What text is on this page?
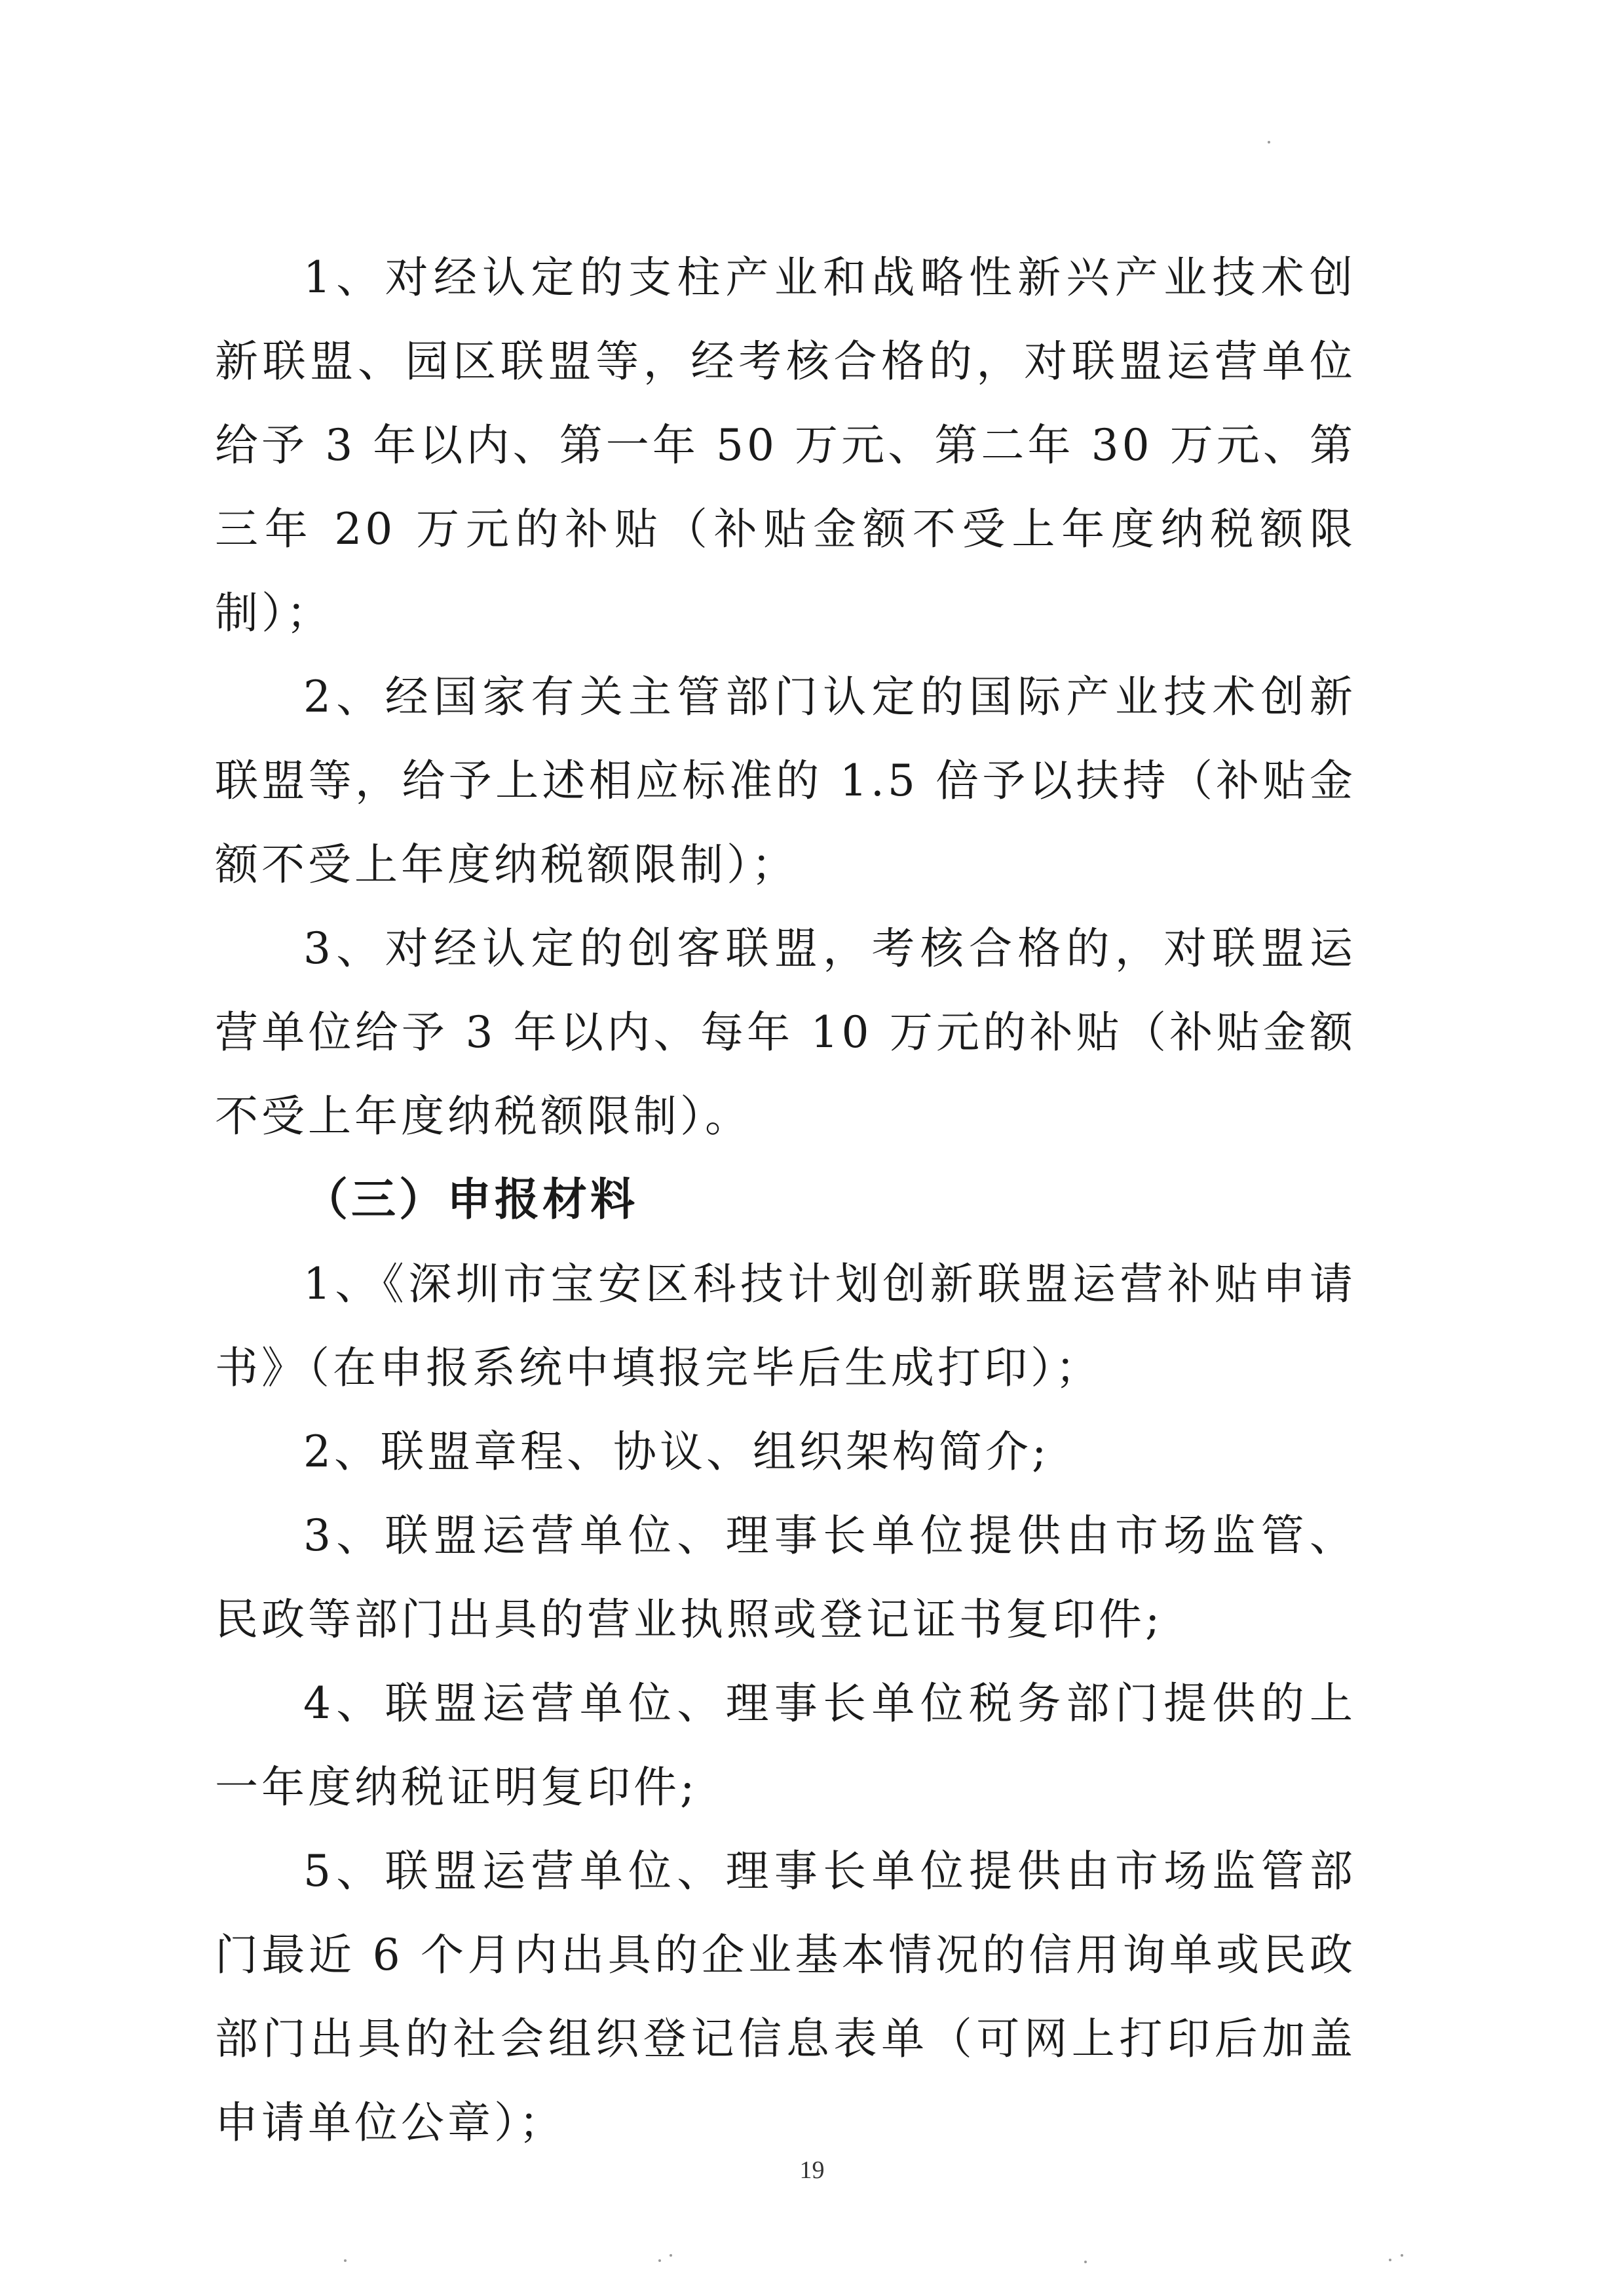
1、对经认定的支柱产业和战略性新兴产业技术创新联盟、园区联盟等，经考核合格的，对联盟运营单位给予 3 年以内、第一年 50 万元、第二年 30 万元、第三年 20 万元的补贴（补贴金额不受上年度纳税额限制）；

2、经国家有关主管部门认定的国际产业技术创新联盟等，给予上述相应标准的 1.5 倍予以扶持（补贴金额不受上年度纳税额限制）；

3、对经认定的创客联盟，考核合格的，对联盟运营单位给予 3 年以内、每年 10 万元的补贴（补贴金额不受上年度纳税额限制）。

（三）申报材料

1、《深圳市宝安区科技计划创新联盟运营补贴申请书》（在申报系统中填报完毕后生成打印）；

2、联盟章程、协议、组织架构简介;

3、联盟运营单位、理事长单位提供由市场监管、民政等部门出具的营业执照或登记证书复印件;

4、联盟运营单位、理事长单位税务部门提供的上一年度纳税证明复印件;

5、联盟运营单位、理事长单位提供由市场监管部门最近 6 个月内出具的企业基本情况的信用询单或民政部门出具的社会组织登记信息表单（可网上打印后加盖申请单位公章）；

19
